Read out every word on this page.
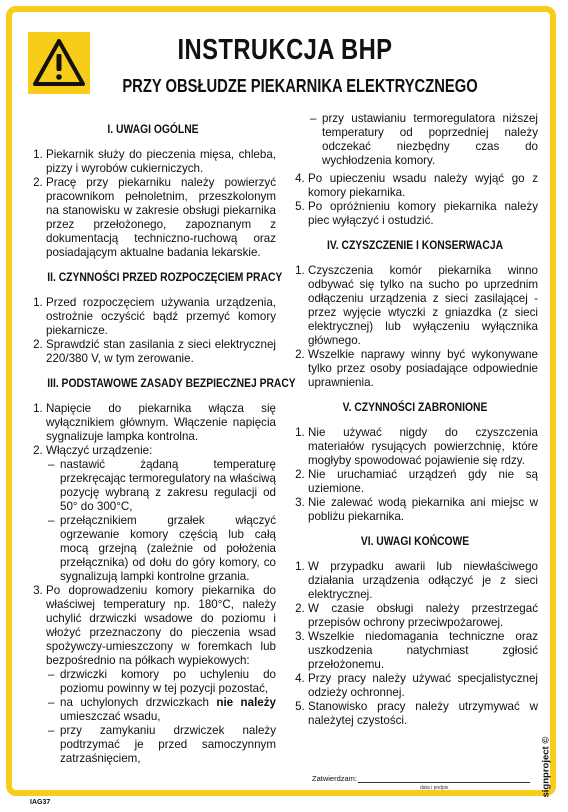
INSTRUKCJA BHP
PRZY OBSŁUDZE PIEKARNIKA ELEKTRYCZNEGO
I. UWAGI OGÓLNE
1. Piekarnik służy do pieczenia mięsa, chleba, pizzy i wyrobów cukierniczych.
2. Pracę przy piekarniku należy powierzyć pracownikom pełnoletnim, przeszkolonym na stanowisku w zakresie obsługi piekarnika przez przełożonego, zapoznanym z dokumentacją techniczno-ruchową oraz posiadającym aktualne badania lekarskie.
II. CZYNNOŚCI PRZED ROZPOCZĘCIEM PRACY
1. Przed rozpoczęciem używania urządzenia, ostrożnie oczyścić bądź przemyć komory piekarnicze.
2. Sprawdzić stan zasilania z sieci elektrycznej 220/380 V, w tym zerowanie.
III. PODSTAWOWE ZASADY BEZPIECZNEJ PRACY
1. Napięcie do piekarnika włącza się wyłącznikiem głównym. Włączenie napięcia sygnalizuje lampka kontrolna.
2. Włączyć urządzenie:
– nastawić żądaną temperaturę przekręcając termoregulatory na właściwą pozycję wybraną z zakresu regulacji od 50° do 300°C,
– przełącznikiem grzałek włączyć ogrzewanie komory częścią lub całą mocą grzejną (zależnie od położenia przełącznika) od dołu do góry komory, co sygnalizują lampki kontrolne grzania.
3. Po doprowadzeniu komory piekarnika do właściwej temperatury np. 180°C, należy uchylić drzwiczki wsadowe do poziomu i włożyć przeznaczony do pieczenia wsad spożywczy-umieszczony w foremkach lub bezpośrednio na półkach wypiekowych:
– drzwiczki komory po uchyleniu do poziomu powinny w tej pozycji pozostać,
– na uchylonych drzwiczkach nie należy umieszczać wsadu,
– przy zamykaniu drzwiczek należy podtrzymać je przed samoczynnym zatrzaśnięciem,
– przy ustawianiu termoregulatora niższej temperatury od poprzedniej należy odczekać niezbędny czas do wychłodzenia komory.
4. Po upieczeniu wsadu należy wyjąć go z komory piekarnika.
5. Po opróżnieniu komory piekarnika należy piec wyłączyć i ostudzić.
IV. CZYSZCZENIE I KONSERWACJA
1. Czyszczenia komór piekarnika winno odbywać się tylko na sucho po uprzednim odłączeniu urządzenia z sieci zasilającej - przez wyjęcie wtyczki z gniazdka (z sieci elektrycznej) lub wyłączeniu wyłącznika głównego.
2. Wszelkie naprawy winny być wykonywane tylko przez osoby posiadające odpowiednie uprawnienia.
V. CZYNNOŚCI ZABRONIONE
1. Nie używać nigdy do czyszczenia materiałów rysujących powierzchnię, które mogłyby spowodować pojawienie się rdzy.
2. Nie uruchamiać urządzeń gdy nie są uziemione.
3. Nie zalewać wodą piekarnika ani miejsc w pobliżu piekarnika.
VI. UWAGI KOŃCOWE
1. W przypadku awarii lub niewłaściwego działania urządzenia odłączyć je z sieci elektrycznej.
2. W czasie obsługi należy przestrzegać przepisów ochrony przeciwpożarowej.
3. Wszelkie niedomagania techniczne oraz uszkodzenia natychmiast zgłosić przełożonemu.
4. Przy pracy należy używać specjalistycznej odzieży ochronnej.
5. Stanowisko pracy należy utrzymywać w należytej czystości.
Zatwierdzam:
data i podpis	signproject ©
IAG37
